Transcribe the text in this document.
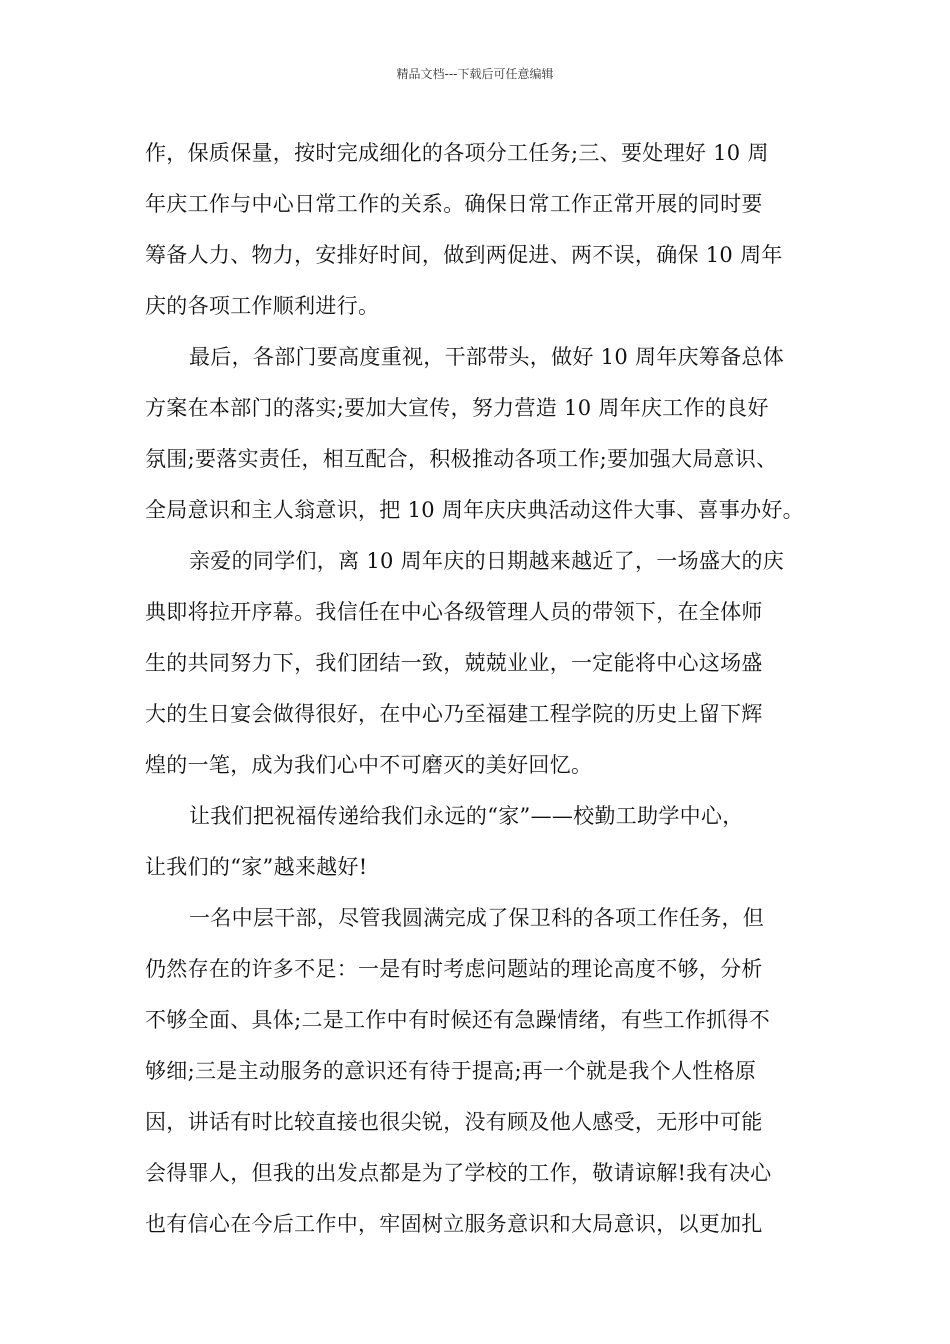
精品文档---下载后可任意编辑
作，保质保量，按时完成细化的各项分工任务;三、要处理好 10 周
年庆工作与中心日常工作的关系。确保日常工作正常开展的同时要
筹备人力、物力，安排好时间，做到两促进、两不误，确保 10 周年
庆的各项工作顺利进行。
最后，各部门要高度重视，干部带头，做好 10 周年庆筹备总体
方案在本部门的落实;要加大宣传，努力营造 10 周年庆工作的良好
氛围;要落实责任，相互配合，积极推动各项工作;要加强大局意识、
全局意识和主人翁意识，把 10 周年庆庆典活动这件大事、喜事办好。
亲爱的同学们，离 10 周年庆的日期越来越近了，一场盛大的庆
典即将拉开序幕。我信任在中心各级管理人员的带领下，在全体师
生的共同努力下，我们团结一致，兢兢业业，一定能将中心这场盛
大的生日宴会做得很好，在中心乃至福建工程学院的历史上留下辉
煌的一笔，成为我们心中不可磨灭的美好回忆。
让我们把祝福传递给我们永远的“家”——校勤工助学中心，
让我们的“家”越来越好!
一名中层干部，尽管我圆满完成了保卫科的各项工作任务，但
仍然存在的许多不足：一是有时考虑问题站的理论高度不够，分析
不够全面、具体;二是工作中有时候还有急躁情绪，有些工作抓得不
够细;三是主动服务的意识还有待于提高;再一个就是我个人性格原
因，讲话有时比较直接也很尖锐，没有顾及他人感受，无形中可能
会得罪人，但我的出发点都是为了学校的工作，敬请谅解!我有决心
也有信心在今后工作中，牢固树立服务意识和大局意识，以更加扎
